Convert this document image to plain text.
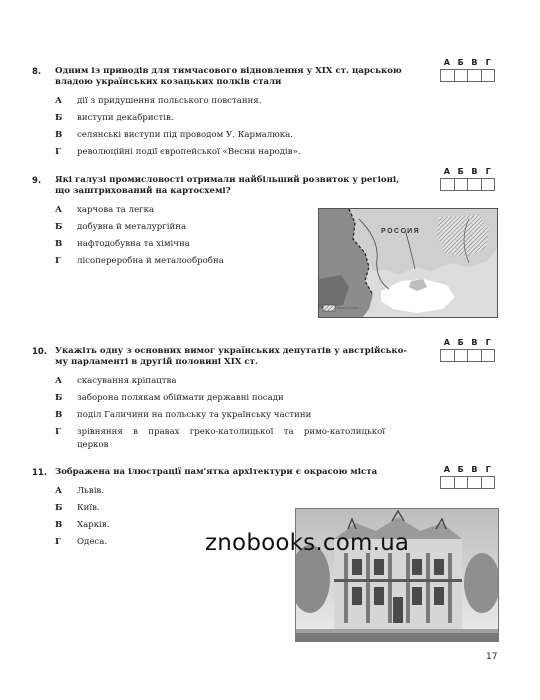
8. Одним із приводів для тимчасового відновлення у XIX ст. царською
владою українських козацьких полків стали
А дії з придушення польського повстання.
Б виступи декабристів.
В селянські виступи під проводом У. Кармалюка.
Г революційні події європейської «Весни народів».
А Б В	Г
9. Які галузі промисловості отримали найбільший розвиток у регіоні,
що заштрихований на картосхемі?
А харчова та легка
Б добувна й металургійна
В нафтодобувна та хімічна
Г лісопереробна й металообробна
А Б В	Г
РОССИЯ
10. Укажіть одну з основних вимог українських депутатів у австрійсько-
му парламенті в другій половині XIX ст.
А скасування кріпацтва
Б заборона полякам обіймати державні посади
В поділ Галичини на польську та українську частини
Г зрівняння в правах греко-католицької та римо-католицької
церков
А Б В	Г
11. Зображена на ілюстрації пам'ятка архітектури є окрасою міста
А Львів.
Б Київ.
В Харків.
Г Одеса.
А Б В	Г
znobooks.com.ua
17
